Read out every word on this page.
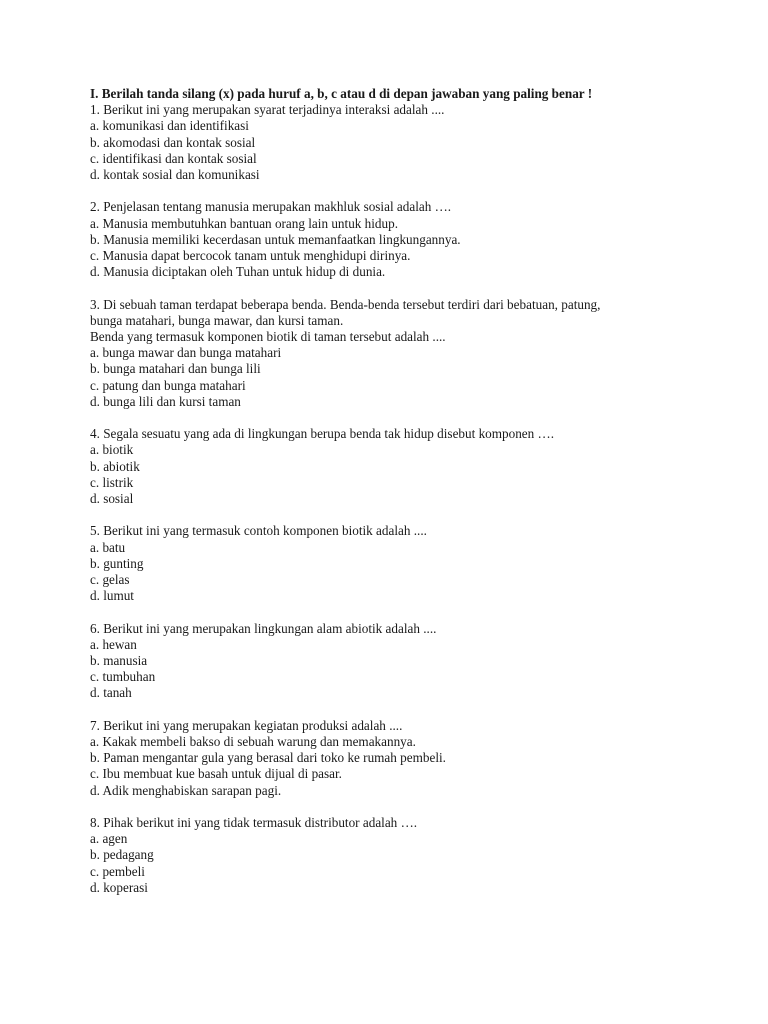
I. Berilah tanda silang (x) pada huruf a, b, c atau d di depan jawaban yang paling benar !
1. Berikut ini yang merupakan syarat terjadinya interaksi adalah ....
a. komunikasi dan identifikasi
b. akomodasi dan kontak sosial
c. identifikasi dan kontak sosial
d. kontak sosial dan komunikasi
2. Penjelasan tentang manusia merupakan makhluk sosial adalah ….
a. Manusia membutuhkan bantuan orang lain untuk hidup.
b. Manusia memiliki kecerdasan untuk memanfaatkan lingkungannya.
c. Manusia dapat bercocok tanam untuk menghidupi dirinya.
d. Manusia diciptakan oleh Tuhan untuk hidup di dunia.
3. Di sebuah taman terdapat beberapa benda. Benda-benda tersebut terdiri dari bebatuan, patung,
bunga matahari, bunga mawar, dan kursi taman.
Benda yang termasuk komponen biotik di taman tersebut adalah ....
a. bunga mawar dan bunga matahari
b. bunga matahari dan bunga lili
c. patung dan bunga matahari
d. bunga lili dan kursi taman
4. Segala sesuatu yang ada di lingkungan berupa benda tak hidup disebut komponen ….
a. biotik
b. abiotik
c. listrik
d. sosial
5. Berikut ini yang termasuk contoh komponen biotik adalah ....
a. batu
b. gunting
c. gelas
d. lumut
6. Berikut ini yang merupakan lingkungan alam abiotik adalah ....
a. hewan
b. manusia
c. tumbuhan
d. tanah
7. Berikut ini yang merupakan kegiatan produksi adalah ....
a. Kakak membeli bakso di sebuah warung dan memakannya.
b. Paman mengantar gula yang berasal dari toko ke rumah pembeli.
c. Ibu membuat kue basah untuk dijual di pasar.
d. Adik menghabiskan sarapan pagi.
8. Pihak berikut ini yang tidak termasuk distributor adalah ….
a. agen
b. pedagang
c. pembeli
d. koperasi
